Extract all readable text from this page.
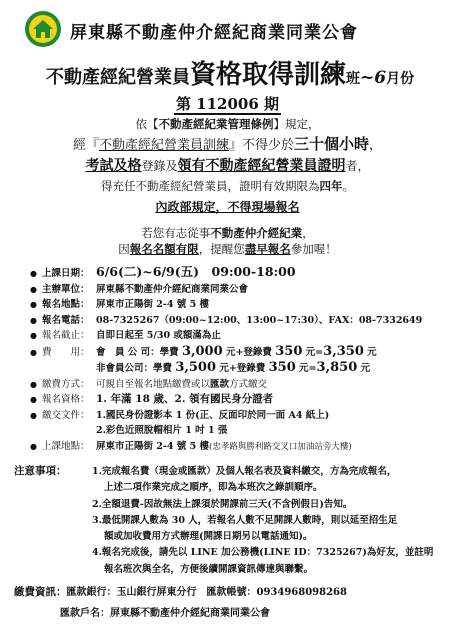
屏東縣不動產仲介經紀商業同業公會
不動產經紀營業員資格取得訓練班~6月份
第 112006 期
依【不動產經紀業管理條例】規定，
經『不動產經紀營業員訓練』不得少於三十個小時，
考試及格登錄及領有不動產經紀營業員證明者，
得充任不動產經紀營業員，證明有效期限為四年。
內政部規定，不得現場報名
若您有志從事不動產仲介經紀業，
因報名名額有限，提醒您盡早報名參加喔！
● 上課日期： 6/6(二)~6/9(五)　09:00-18:00
● 主辦單位： 屏東縣不動產仲介經紀商業同業公會
● 報名地點： 屏東市正陽街 2-4 號 5 樓
● 報名電話： 08-7325267（09:00~12:00、13:00~17:30）、FAX：08-7332649
● 報名截止： 自即日起至 5/30 或額滿為止
● 費　　用： 會　員 公 司：學費 3,000 元+登錄費 350 元=3,350 元
非會員公司：學費 3,500 元+登錄費 350 元=3,850 元
● 繳費方式： 可親自至報名地點繳費或以匯款方式繳交
● 報名資格： 1. 年滿 18 歲、2. 領有國民身分證者
● 繳交文件： 1.國民身份證影本 1 份(正、反面印於同一面 A4 紙上)
2.彩色近照脫帽相片 1 吋 1 張
● 上課地點： 屏東市正陽街 2-4 號 5 樓(忠孝路與勝利路交叉口加油站旁大樓)
注意事項：	1.完成報名費（現金或匯款）及個人報名表及資料繳交，方為完成報名，
上述二項作業完成之順序，即為本班次之錄訓順序。
2.全額退費-因故無法上課須於開課前三天(不含例假日)告知。
3.最低開課人數為 30 人，若報名人數不足開課人數時，則以延至招生足
額或加收費用方式辦理(開課日期另以電話通知)。
4.報名完成後，請先以 LINE 加公務機(LINE ID：7325267)為好友，並註明
報名班次與全名，方便後續開課資訊傳達與聯繫。
繳費資訊：匯款銀行：玉山銀行屏東分行　匯款帳號：0934968098268
匯款戶名：屏東縣不動產仲介經紀商業同業公會
